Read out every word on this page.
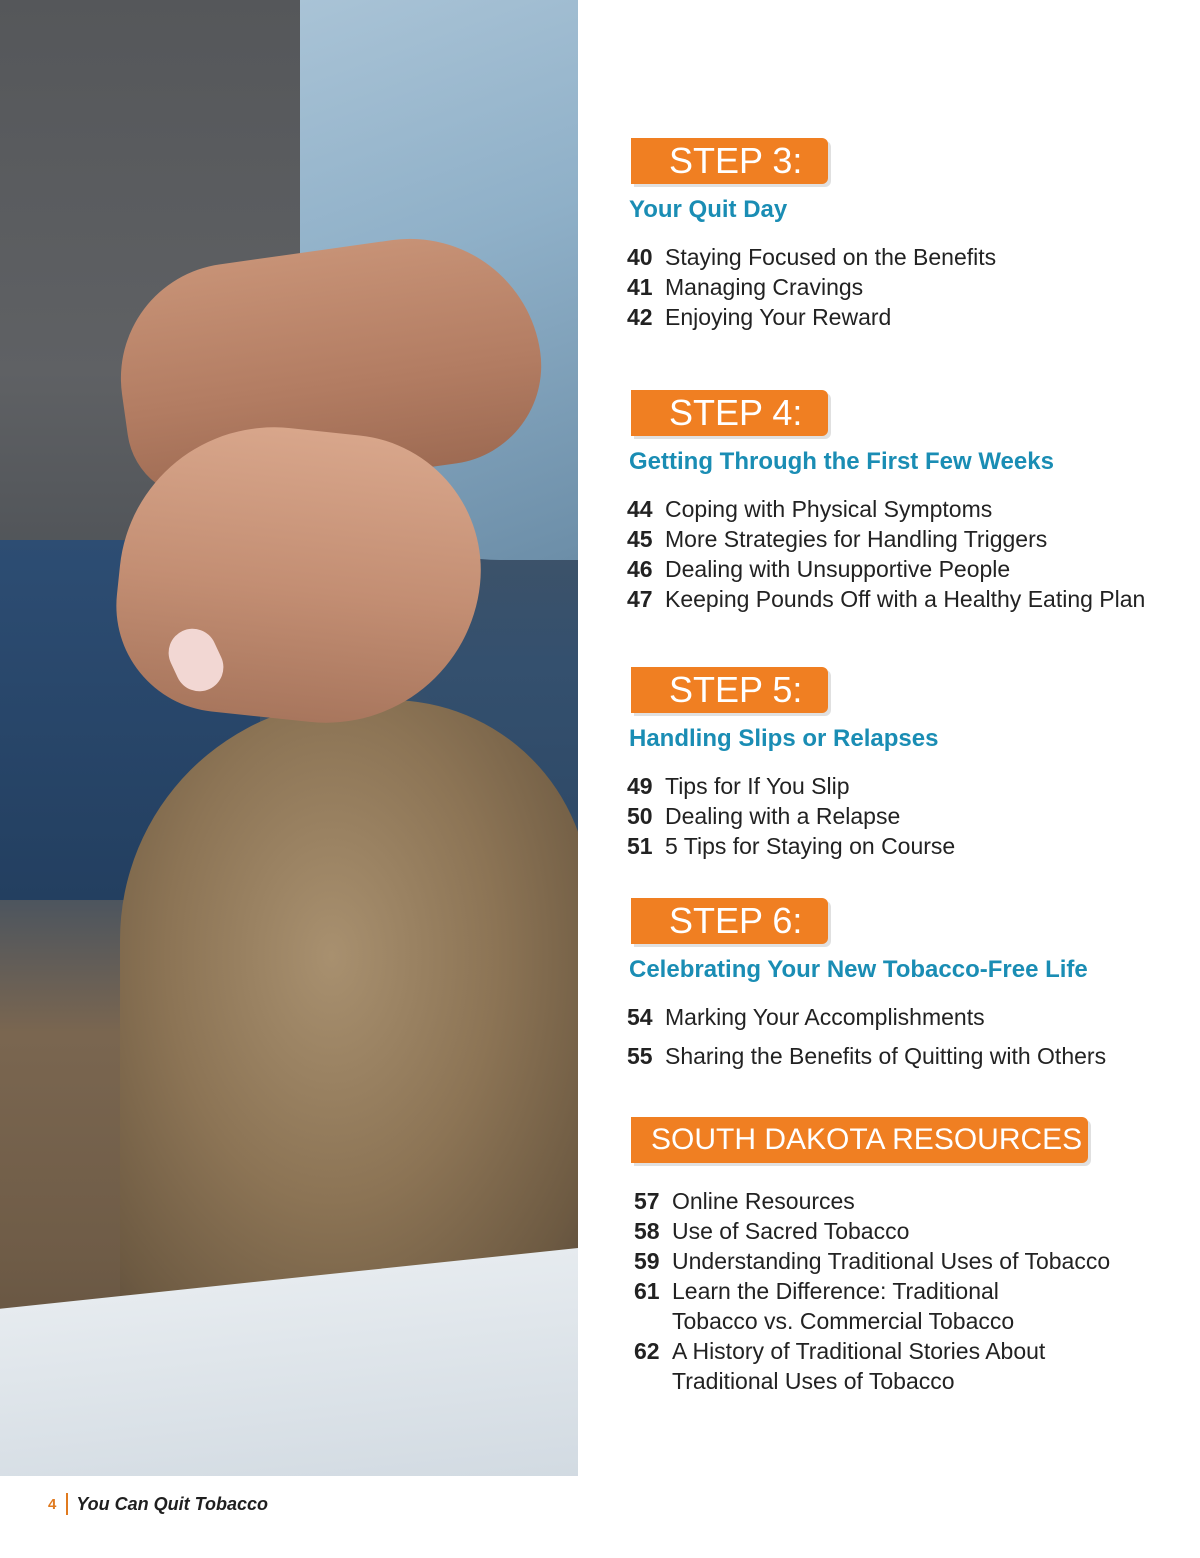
STEP 3:
Your Quit Day
40 Staying Focused on the Benefits
41 Managing Cravings
42 Enjoying Your Reward
STEP 4:
Getting Through the First Few Weeks
44 Coping with Physical Symptoms
45 More Strategies for Handling Triggers
46 Dealing with Unsupportive People
47 Keeping Pounds Off with a Healthy Eating Plan
STEP 5:
Handling Slips or Relapses
49 Tips for If You Slip
50 Dealing with a Relapse
51 5 Tips for Staying on Course
STEP 6:
Celebrating Your New Tobacco-Free Life
54 Marking Your Accomplishments
55 Sharing the Benefits of Quitting with Others
SOUTH DAKOTA RESOURCES
57 Online Resources
58 Use of Sacred Tobacco
59 Understanding Traditional Uses of Tobacco
61 Learn the Difference: Traditional
Tobacco vs. Commercial Tobacco
62 A History of Traditional Stories About
Traditional Uses of Tobacco
4 You Can Quit Tobacco
